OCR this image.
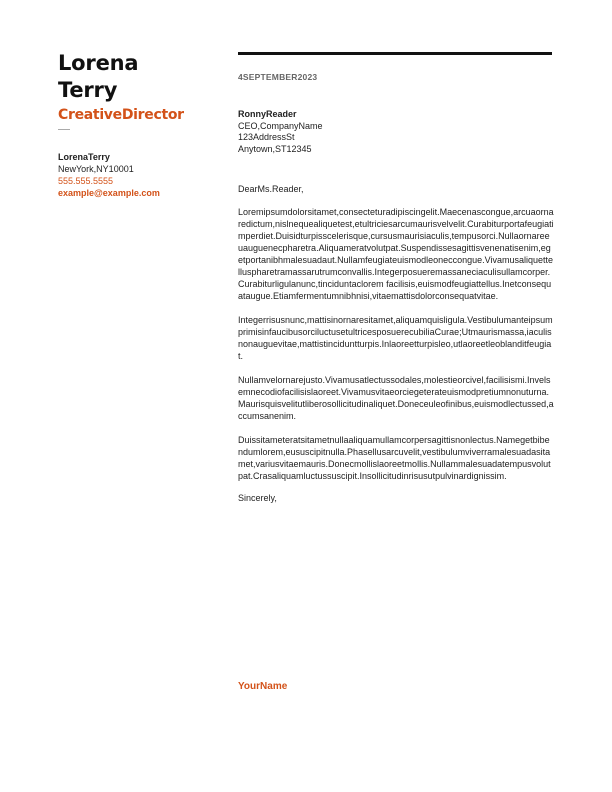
Lorena
Terry
CreativeDirector
LorenaTerry
NewYork,NY10001
555.555.5555
example@example.com
4SEPTEMBER2023
RonnyReader
CEO,CompanyName
123AddressSt
Anytown,ST12345
DearMs.Reader,
Loremipsumdolorsitamet,consecteturadipiscingelit.Maecenascongue,arcuaornaredictum,nislnequealiquetest,etultriciesarcumaurisvelvelit.Curabiturportafeugiatimperdiet.Duisidturpisscelerisque,cursusmaurisiaculis,tempusorci.Nullaornareeuauguenecpharetra.Aliquameratvolutpat.Suspendissesagittisvenenatisenim,egetportanibhmalesuadaut.Nullamfeugiateuismodleoneccongue.Vivamusaliquettelluspharetramassarutrumconvallis.Integerposueremassaneciaculisullamcorper.Curabiturligulanunc,tinciduntaclorem facilisis,euismodfeugiattellus.Inetconsequataugue.Etiamfermentumnibhnisi,vitaemattisdolorconsequatvitae.
Integerrisusnunc,mattisinornaresitamet,aliquamquisligula.VestibulumanteipsumprimisinfaucibusorciluctusetultricesposuerecubiliaCurae;Utmaurismassa,iaculisnonauguevitae,mattistinciduntturpis.Inlaoreetturpisleo,utlaoreetleoblanditfeugiat.
Nullamvelornarejusto.Vivamusatlectussodales,molestieorcivel,facilisismi.Invelsemnecodiofacilisislaoreet.Vivamusvitaeorciegeterateuismodpretiumnonuturna.Maurisquisvelitutliberosollicitudinaliquet.Donecеuleofinibus,euismodlectussed,accumsanenim.
Duissitameteratsitametnullaaliquamullamcorpersagittisnonlectus.Namegetbibendumlorem,eususcipitnulla.Phasellusarcuvelit,vestibulumviverramalesuadasitamet,variusvitaemauris.Donecmollislaoreetmollis.Nullammalesuadatempusvolutpat.Crasaliquamluctussuscipit.Insollicitudinrisusutpulvinardignissim.
Sincerely,
YourName
